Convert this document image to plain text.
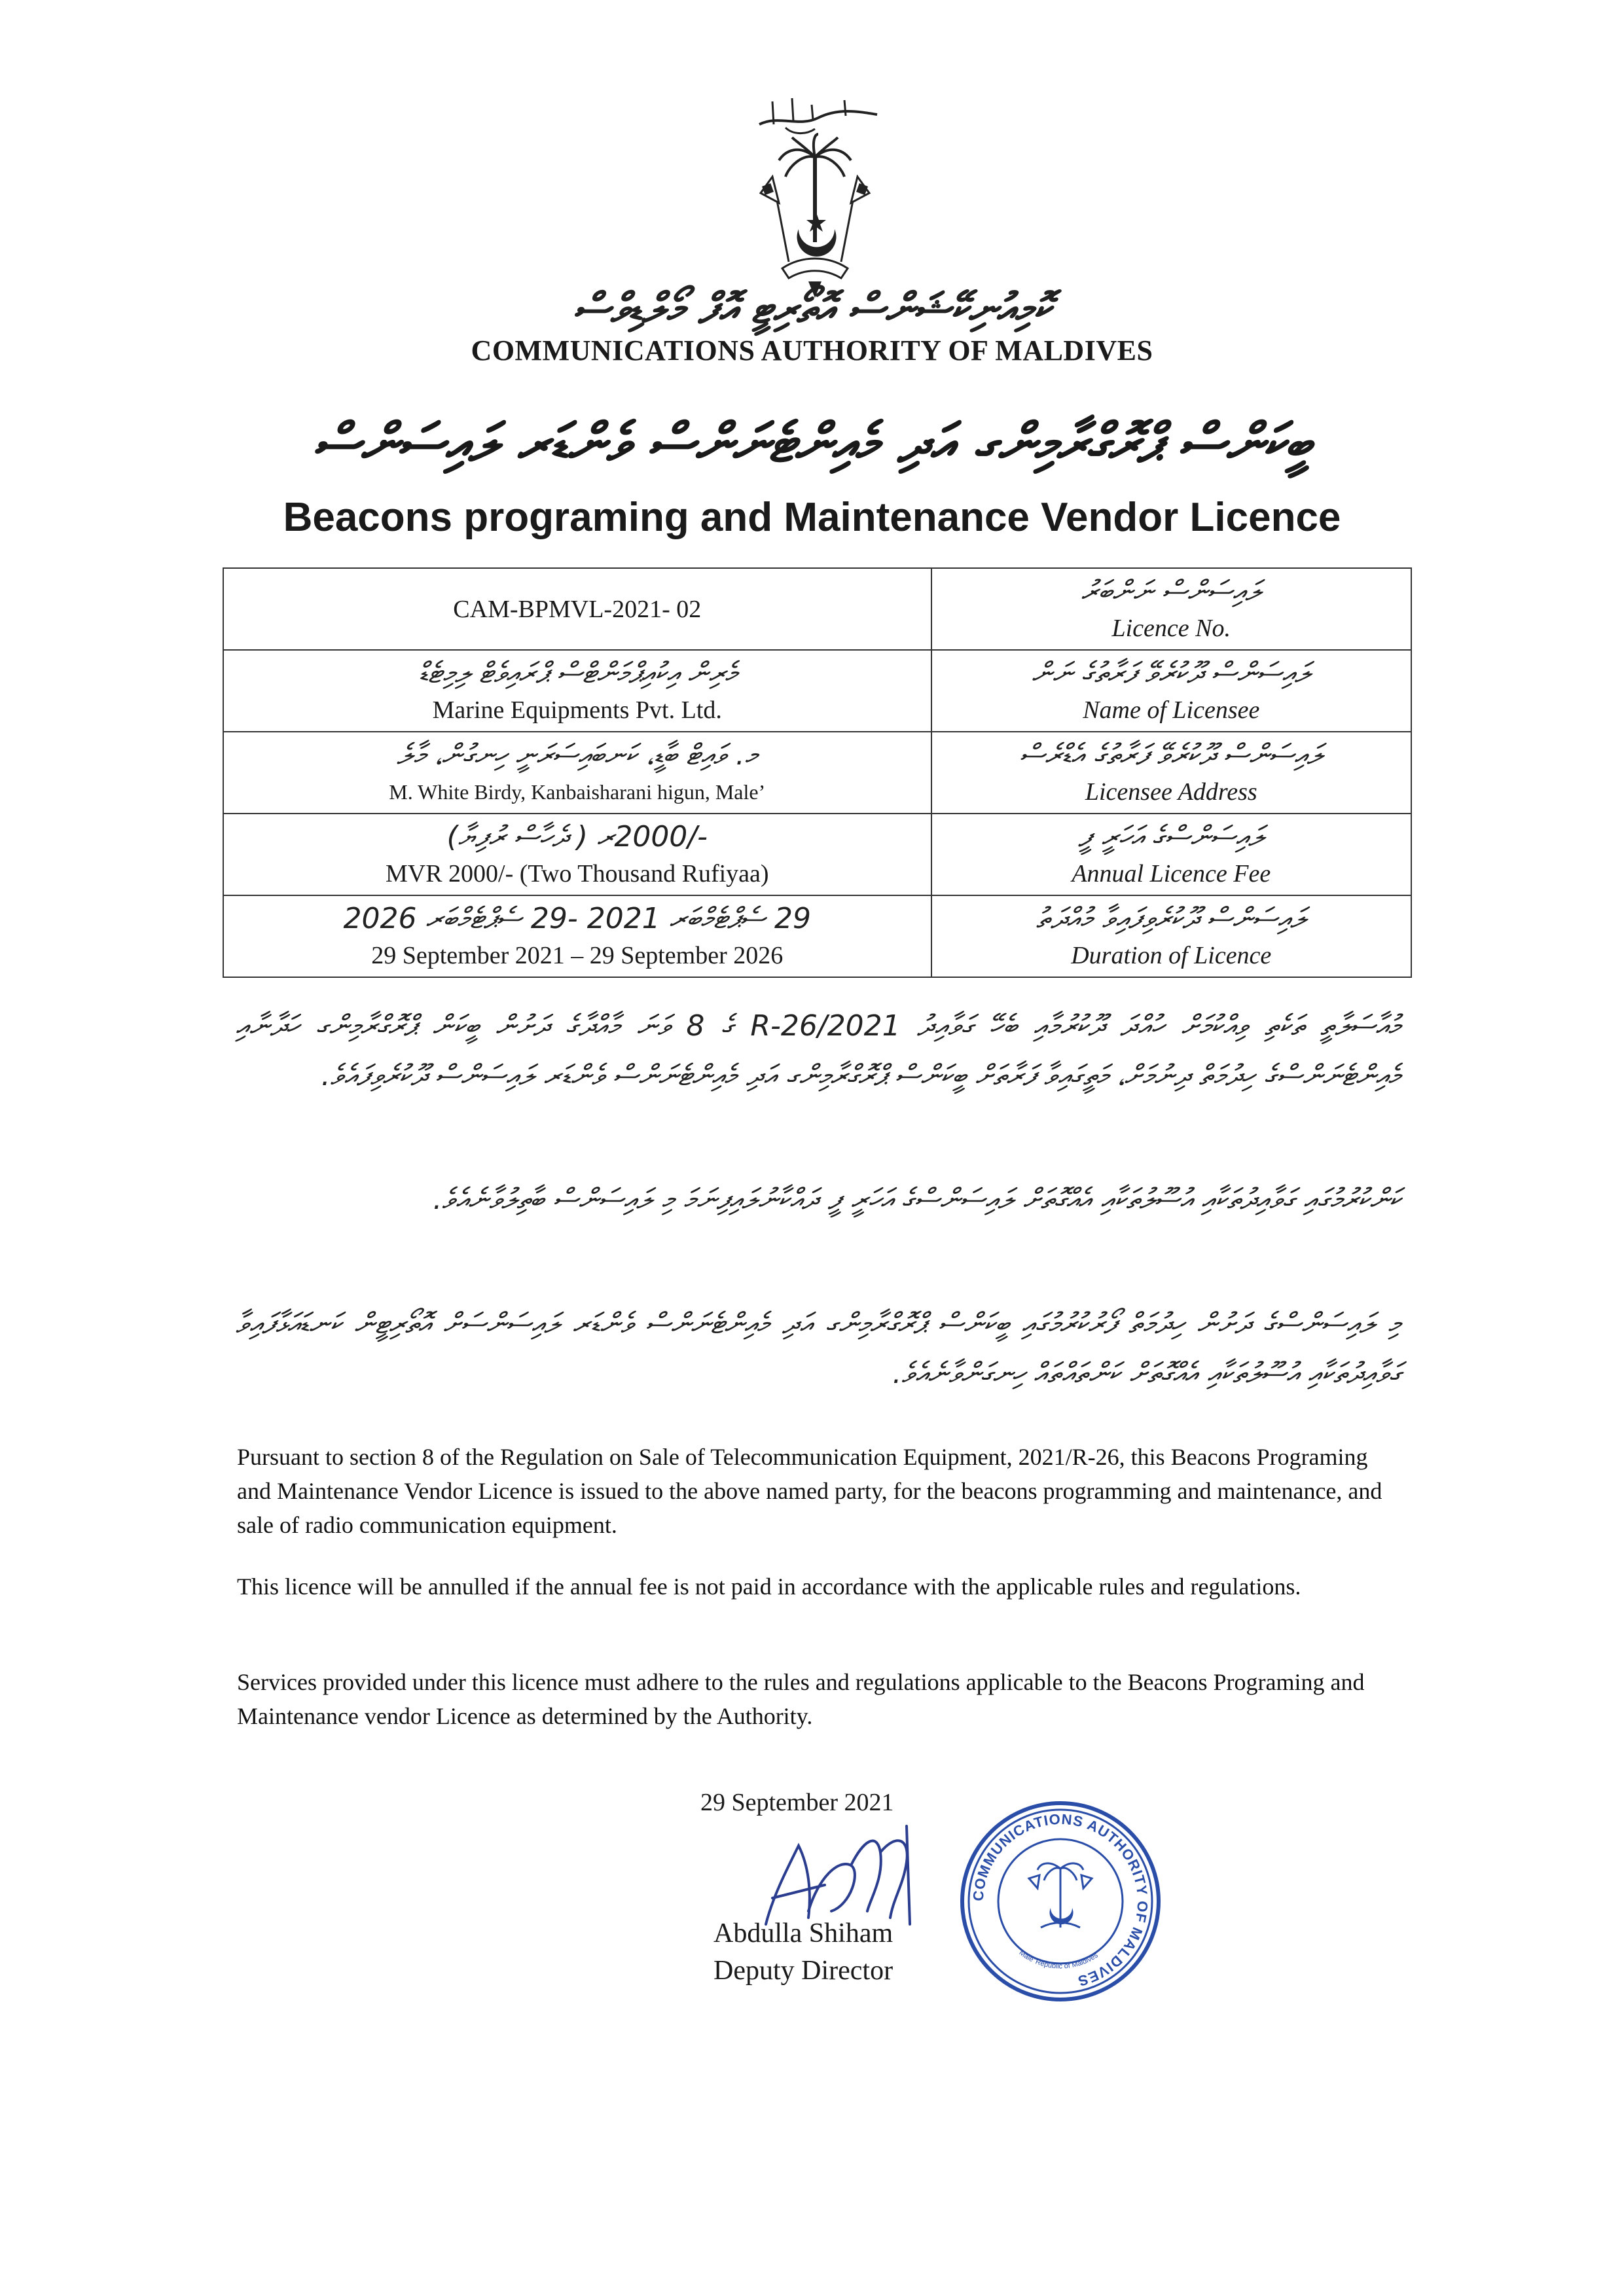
ކޮމިއުނިކޭޝަންސް އޮތޯރިޓީ އޮފް މޯލްޑިވްސް
COMMUNICATIONS AUTHORITY OF MALDIVES
ބީކަންސް ޕްރޮގްރާމިންގ އަދި މެއިންޓެނަންސް ވެންޑަރ ލައިސަންސް
Beacons programing and Maintenance Vendor Licence
CAM-BPMVL-2021- 02	ލައިސަންސް ނަންބަރު
Licence No.

މެރިން އިކުއިޕްމަންޓްސް ޕްރައިވެޓް ލިމިޓެޑް
Marine Equipments Pvt. Ltd.	ލައިސަންސް ދޫކުރެވޭ ފަރާތުގެ ނަން
Name of Licensee

މ. ވައިޓް ބާޑީ، ކަނބައިސަރަނީ ހިނގުން، މާލެ
M. White Birdy, Kanbaisharani higun, Male’	ލައިސަންސް ދޫކުރެވޭ ފަރާތުގެ އެޑްރެސް
Licensee Address

-/2000ރ ( ދެހާސް ރުފިޔާ)
MVR 2000/- (Two Thousand Rufiyaa)	ލައިސަންސްގެ އަހަރީ ފީ
Annual Licence Fee

29 ސެޕްޓެމްބަރ 2021 -29 ސެޕްޓެމްބަރ 2026
29 September 2021 – 29 September 2026	ލައިސަންސް ދޫކުރެވިފައިވާ މުއްދަތު
Duration of Licence

މުއާސަލާތީ ތަކެތި ވިއްކުމަށް ހުއްދަ ދޫކުރުމާއި ބެހޭ ގަވާއިދު 2021/R-26 ގެ 8 ވަނަ މާއްދާގެ ދަށުން ބީކަން ޕްރޮގްރާމިންގ ހަދާނާއި މެއިންޓެނަންސްގެ ހިދުމަތް ދިނުމަށް، މަތީގައިވާ ފަރާތަށް ބީކަންސް ޕްރޮގްރާމިންގ އަދި މެއިންޓެނަންސް ވެންޑަރ ލައިސަންސް ދޫކުރެވިފައެވެ.

ކަންކުރުމުގައި ގަވާއިދުތަކާއި އުސޫލުތަކާއި އެއްގޮތަށް ލައިސަންސްގެ އަހަރީ ފީ ދައްކާނުލައިފިނަމަ މި ލައިސަންސް ބާތިލުވާނެއެވެ.

މި ލައިސަންސްގެ ދަށުން ހިދުމަތް ފޯރުކުރުމުގައި ބީކަންސް ޕްރޮގްރާމިންގ އަދި މެއިންޓެނަންސް ވެންޑަރ ލައިސަންސަށް އޮތޯރިޓީން ކަނޑައަޅާފައިވާ ގަވާއިދުތަކާއި އުސޫލުތަކާއި އެއްގޮތަށް ކަންތައްތައް ހިނގަންވާނެއެވެ.

Pursuant to section 8 of the Regulation on Sale of Telecommunication Equipment, 2021/R-26, this Beacons Programing and Maintenance Vendor Licence is issued to the above named party, for the beacons programming and maintenance, and sale of radio communication equipment.

This licence will be annulled if the annual fee is not paid in accordance with the applicable rules and regulations.

Services provided under this licence must adhere to the rules and regulations applicable to the Beacons Programing and Maintenance vendor Licence as determined by the Authority.

29 September 2021
Abdulla Shiham
Deputy Director
COMMUNICATIONS AUTHORITY OF MALDIVES
Male’ Republic of Maldives
